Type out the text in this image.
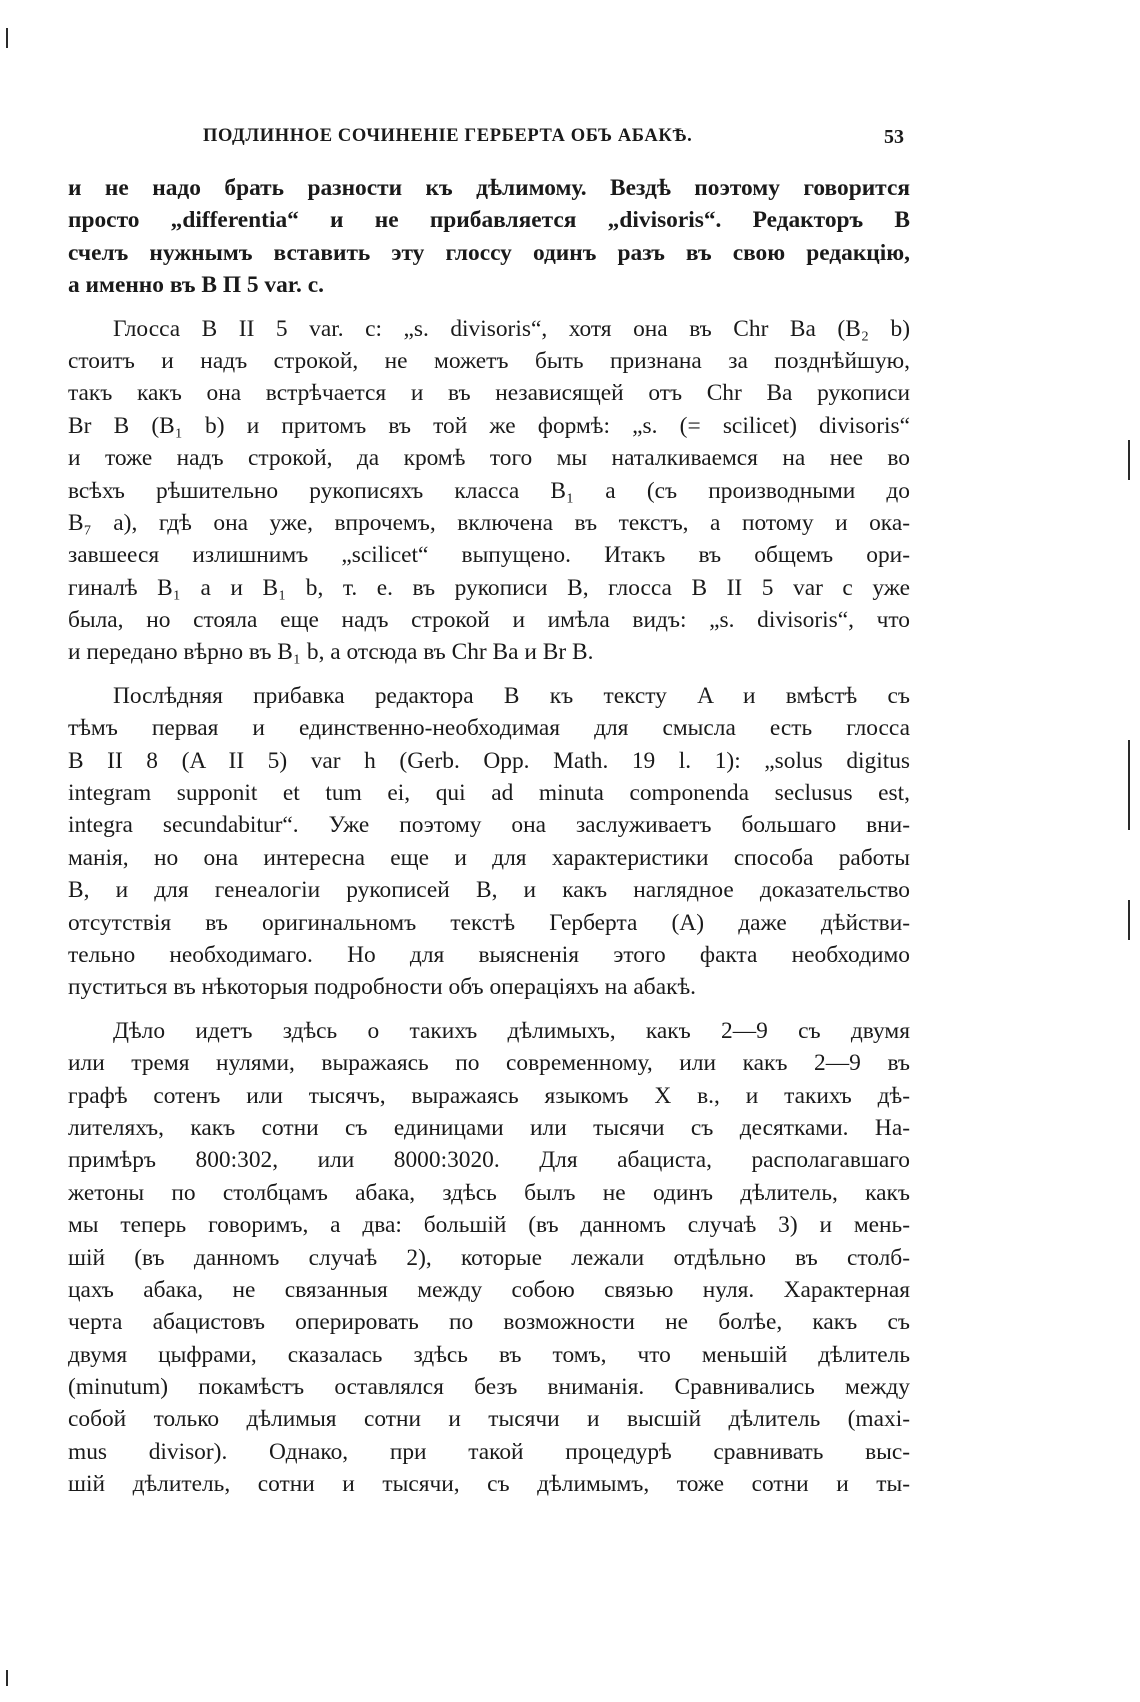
ПОДЛИННОЕ СОЧИНЕНІЕ ГЕРБЕРТА ОБЪ АБАКѢ.	53
и не надо брать разности къ дѣлимому. Вездѣ поэтому говорится
просто „differentia“ и не прибавляется „divisoris“. Редакторъ B
счелъ нужнымъ вставить эту глоссу одинъ разъ въ свою редакцію,
а именно въ B П 5 var. c.
Глосса B II 5 var. c: „s. divisoris“, хотя она въ Chr Ba (B₂ b)
стоитъ и надъ строкой, не можетъ быть признана за позднѣйшую,
такъ какъ она встрѣчается и въ независящей отъ Chr Ba рукописи
Br B (B₁ b) и притомъ въ той же формѣ: „s. (= scilicet) divisoris“
и тоже надъ строкой, да кромѣ того мы наталкиваемся на нее во
всѣхъ рѣшительно рукописяхъ класса B₁ a (съ производными до
B₇ a), гдѣ она уже, впрочемъ, включена въ текстъ, а потому и ока-
завшееся излишнимъ „scilicet“ выпущено. Итакъ въ общемъ ори-
гиналѣ B₁ a и B₁ b, т. е. въ рукописи B, глосса B II 5 var c уже
была, но стояла еще надъ строкой и имѣла видъ: „s. divisoris“, что
и передано вѣрно въ B₁ b, а отсюда въ Chr Ba и Br B.
Послѣдняя прибавка редактора B къ тексту A и вмѣстѣ съ
тѣмъ первая и единственно-необходимая для смысла есть глосса
B II 8 (A II 5) var h (Gerb. Opp. Math. 19 l. 1): „solus digitus
integram supponit et tum ei, qui ad minuta componenda seclusus est,
integra secundabitur“. Уже поэтому она заслуживаетъ большаго вни-
манія, но она интересна еще и для характеристики способа работы
B, и для генеалогіи рукописей B, и какъ наглядное доказательство
отсутствія въ оригинальномъ текстѣ Герберта (A) даже дѣйстви-
тельно необходимаго. Но для выясненія этого факта необходимо
пуститься въ нѣкоторыя подробности объ операціяхъ на абакѣ.
Дѣло идетъ здѣсь о такихъ дѣлимыхъ, какъ 2—9 съ двумя
или тремя нулями, выражаясь по современному, или какъ 2—9 въ
графѣ сотенъ или тысячъ, выражаясь языкомъ X в., и такихъ дѣ-
лителяхъ, какъ сотни съ единицами или тысячи съ десятками. На-
примѣръ 800:302, или 8000:3020. Для абациста, располагавшаго
жетоны по столбцамъ абака, здѣсь былъ не одинъ дѣлитель, какъ
мы теперь говоримъ, а два: большій (въ данномъ случаѣ 3) и мень-
шій (въ данномъ случаѣ 2), которые лежали отдѣльно въ столб-
цахъ абака, не связанныя между собою связью нуля. Характерная
черта абацистовъ оперировать по возможности не болѣе, какъ съ
двумя цыфрами, сказалась здѣсь въ томъ, что меньшій дѣлитель
(minutum) покамѣстъ оставлялся безъ вниманія. Сравнивались между
собой только дѣлимыя сотни и тысячи и высшій дѣлитель (maxi-
mus divisor). Однако, при такой процедурѣ сравнивать выс-
шій дѣлитель, сотни и тысячи, съ дѣлимымъ, тоже сотни и ты-
